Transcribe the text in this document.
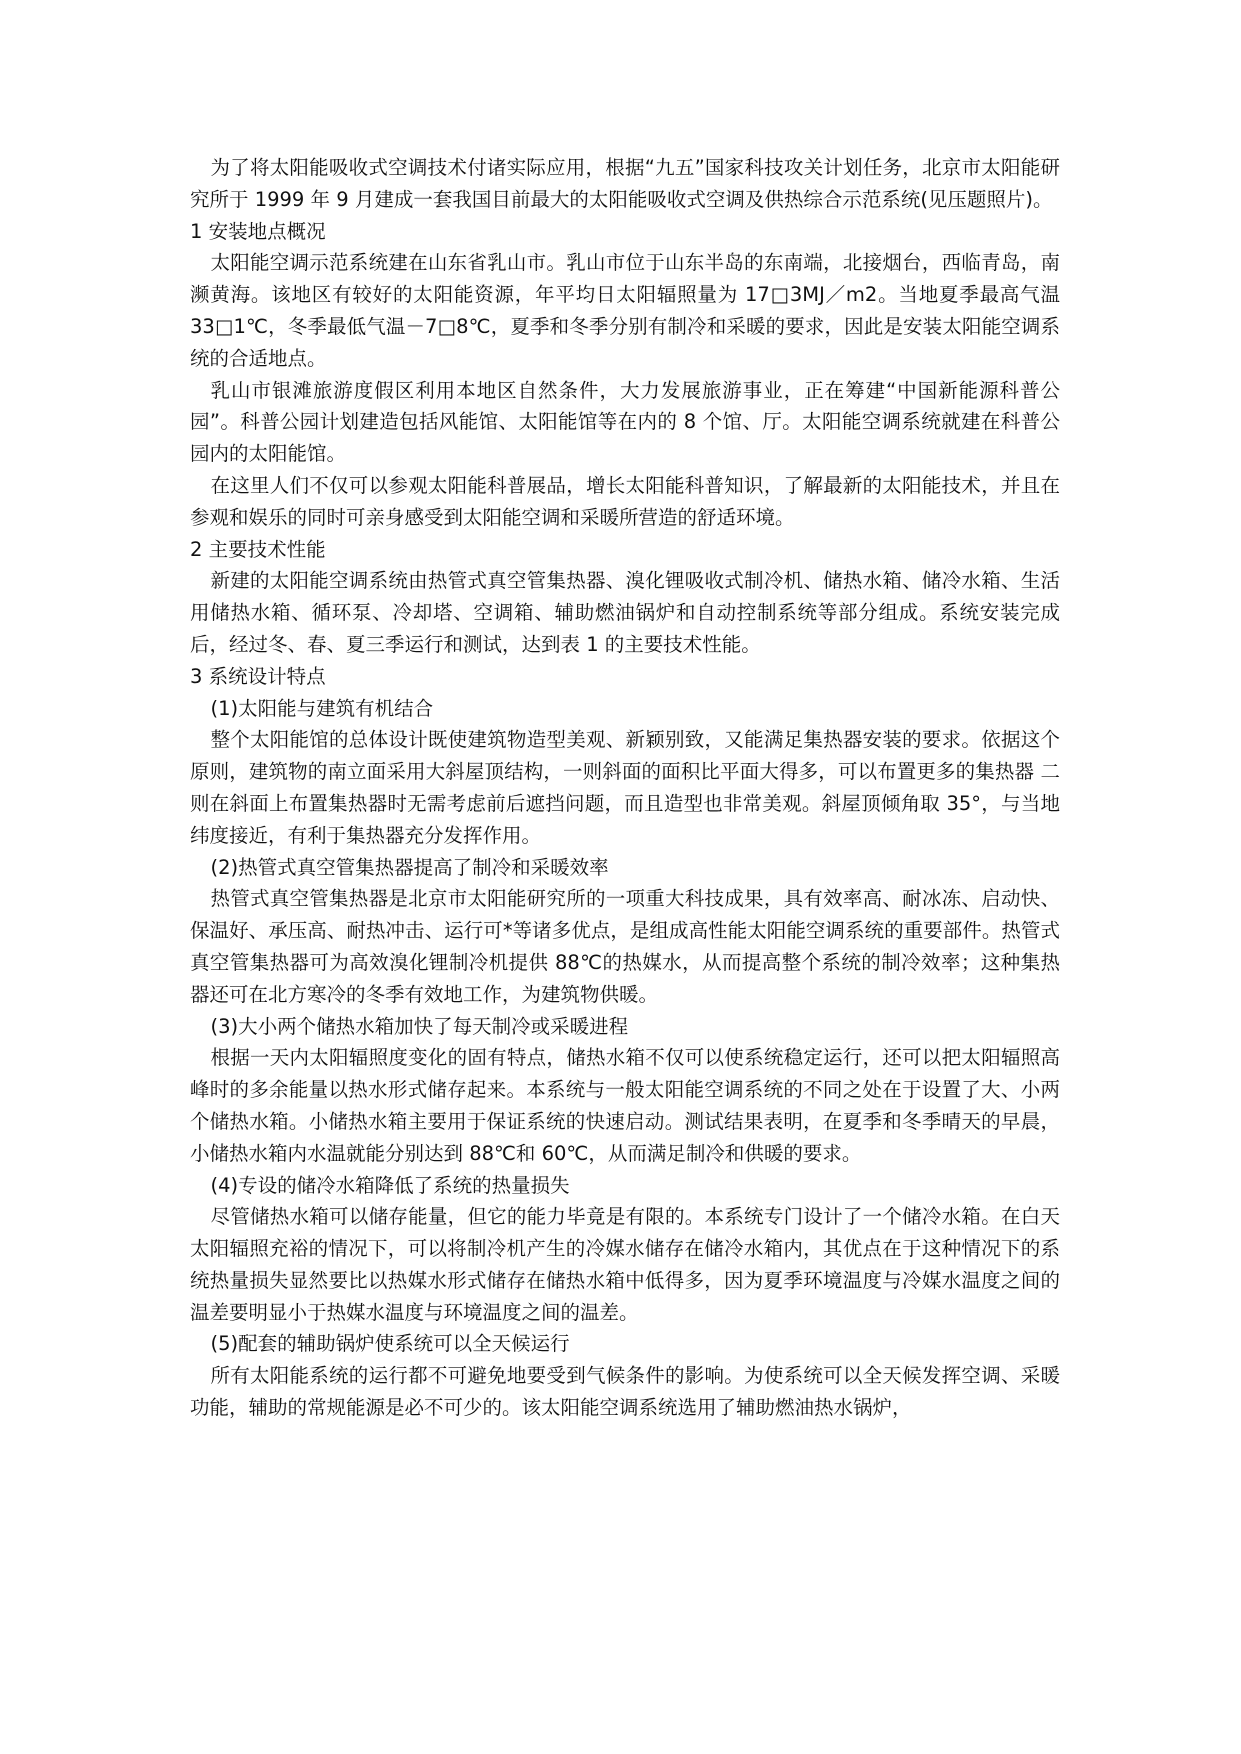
为了将太阳能吸收式空调技术付诸实际应用，根据“九五”国家科技攻关计划任务，北京市太阳能研究所于 1999 年 9 月建成一套我国目前最大的太阳能吸收式空调及供热综合示范系统(见压题照片)。

1 安装地点概况

太阳能空调示范系统建在山东省乳山市。乳山市位于山东半岛的东南端，北接烟台，西临青岛，南濒黄海。该地区有较好的太阳能资源，年平均日太阳辐照量为 17□3MJ／m2。当地夏季最高气温 33□1℃，冬季最低气温－7□8℃，夏季和冬季分别有制冷和采暖的要求，因此是安装太阳能空调系统的合适地点。

乳山市银滩旅游度假区利用本地区自然条件，大力发展旅游事业，正在筹建“中国新能源科普公园”。科普公园计划建造包括风能馆、太阳能馆等在内的 8 个馆、厅。太阳能空调系统就建在科普公园内的太阳能馆。

在这里人们不仅可以参观太阳能科普展品，增长太阳能科普知识，了解最新的太阳能技术，并且在参观和娱乐的同时可亲身感受到太阳能空调和采暖所营造的舒适环境。

2 主要技术性能

新建的太阳能空调系统由热管式真空管集热器、溴化锂吸收式制冷机、储热水箱、储冷水箱、生活用储热水箱、循环泵、冷却塔、空调箱、辅助燃油锅炉和自动控制系统等部分组成。系统安装完成后，经过冬、春、夏三季运行和测试，达到表 1 的主要技术性能。

3 系统设计特点

(1)太阳能与建筑有机结合

整个太阳能馆的总体设计既使建筑物造型美观、新颖别致，又能满足集热器安装的要求。依据这个原则，建筑物的南立面采用大斜屋顶结构，一则斜面的面积比平面大得多，可以布置更多的集热器 二则在斜面上布置集热器时无需考虑前后遮挡问题，而且造型也非常美观。斜屋顶倾角取 35°，与当地纬度接近，有利于集热器充分发挥作用。

(2)热管式真空管集热器提高了制冷和采暖效率

热管式真空管集热器是北京市太阳能研究所的一项重大科技成果，具有效率高、耐冰冻、启动快、保温好、承压高、耐热冲击、运行可*等诸多优点，是组成高性能太阳能空调系统的重要部件。热管式真空管集热器可为高效溴化锂制冷机提供 88℃的热媒水，从而提高整个系统的制冷效率；这种集热器还可在北方寒冷的冬季有效地工作，为建筑物供暖。

(3)大小两个储热水箱加快了每天制冷或采暖进程

根据一天内太阳辐照度变化的固有特点，储热水箱不仅可以使系统稳定运行，还可以把太阳辐照高峰时的多余能量以热水形式储存起来。本系统与一般太阳能空调系统的不同之处在于设置了大、小两个储热水箱。小储热水箱主要用于保证系统的快速启动。测试结果表明，在夏季和冬季晴天的早晨，小储热水箱内水温就能分别达到 88℃和 60℃，从而满足制冷和供暖的要求。

(4)专设的储冷水箱降低了系统的热量损失

尽管储热水箱可以储存能量，但它的能力毕竟是有限的。本系统专门设计了一个储冷水箱。在白天太阳辐照充裕的情况下，可以将制冷机产生的冷媒水储存在储冷水箱内，其优点在于这种情况下的系统热量损失显然要比以热媒水形式储存在储热水箱中低得多，因为夏季环境温度与冷媒水温度之间的温差要明显小于热媒水温度与环境温度之间的温差。

(5)配套的辅助锅炉使系统可以全天候运行

所有太阳能系统的运行都不可避免地要受到气候条件的影响。为使系统可以全天候发挥空调、采暖功能，辅助的常规能源是必不可少的。该太阳能空调系统选用了辅助燃油热水锅炉，
